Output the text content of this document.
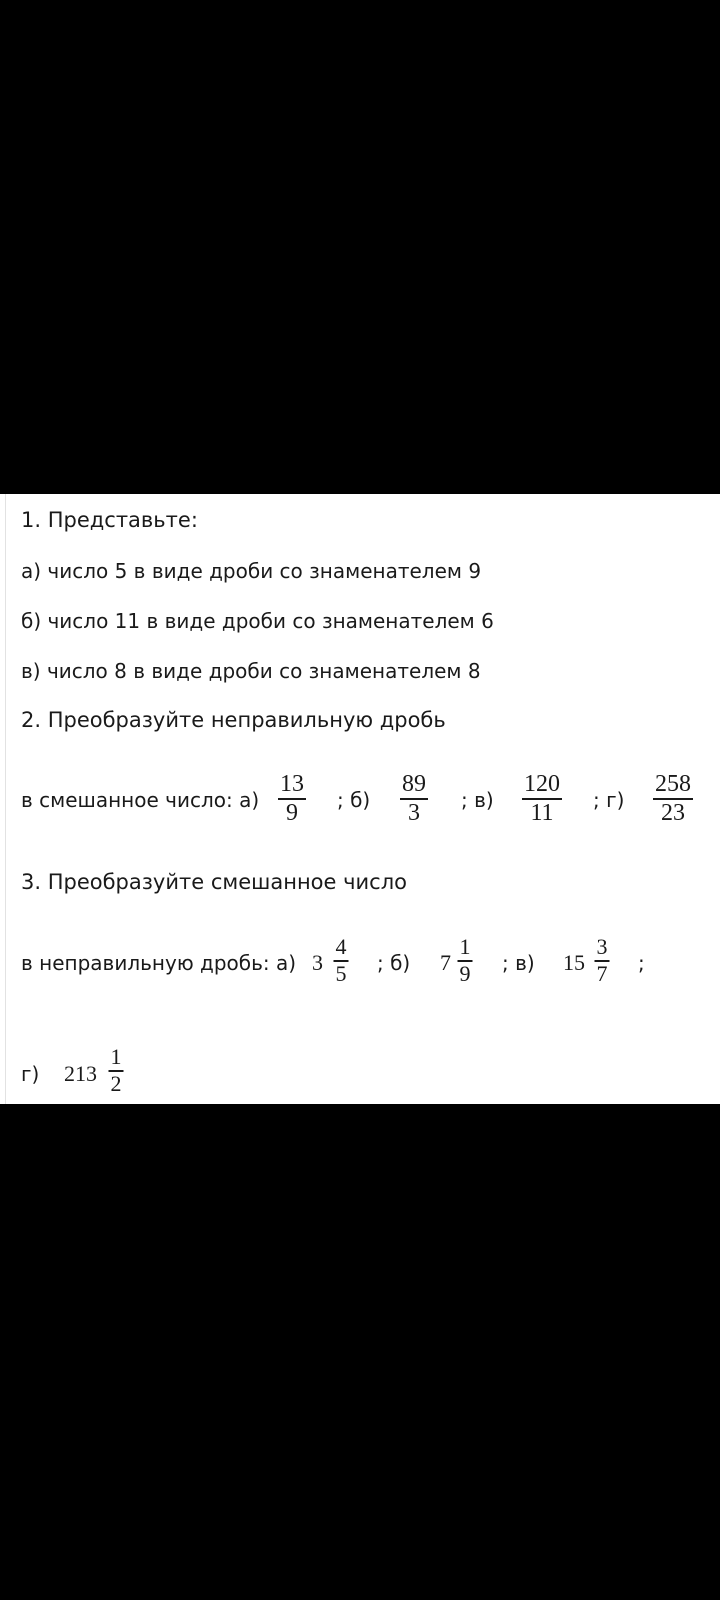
1. Представьте:
а) число 5 в виде дроби со знаменателем 9
б) число 11 в виде дроби со знаменателем 6
в) число 8 в виде дроби со знаменателем 8
2. Преобразуйте неправильную дробь
в смешанное число: а)
13
9	; б)
89
3	; в)
120
11	; г)
258
23
3. Преобразуйте смешанное число
в неправильную дробь: а) 3
4
5 ; б) 7
1
9 ; в) 15
3
7 ;
г) 213
1
2
